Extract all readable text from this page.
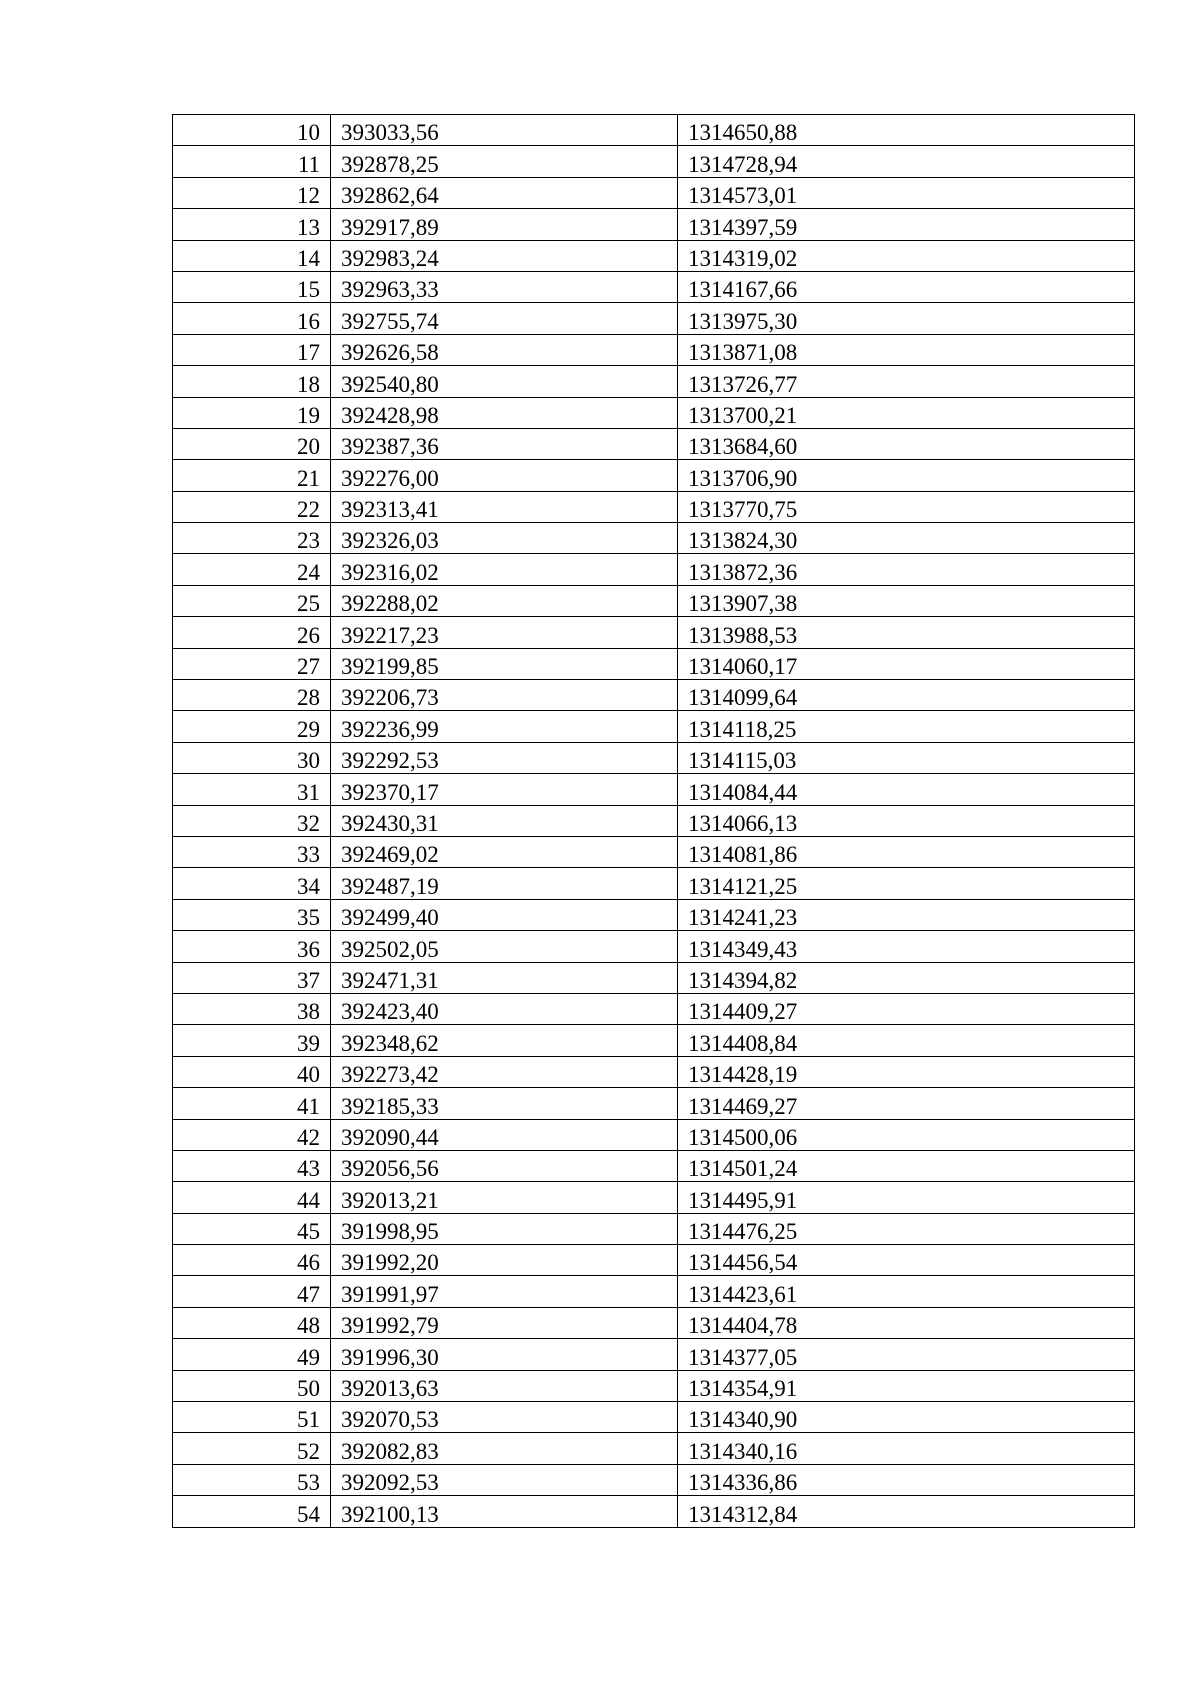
10	393033,56	1314650,88
11	392878,25	1314728,94
12	392862,64	1314573,01
13	392917,89	1314397,59
14	392983,24	1314319,02
15	392963,33	1314167,66
16	392755,74	1313975,30
17	392626,58	1313871,08
18	392540,80	1313726,77
19	392428,98	1313700,21
20	392387,36	1313684,60
21	392276,00	1313706,90
22	392313,41	1313770,75
23	392326,03	1313824,30
24	392316,02	1313872,36
25	392288,02	1313907,38
26	392217,23	1313988,53
27	392199,85	1314060,17
28	392206,73	1314099,64
29	392236,99	1314118,25
30	392292,53	1314115,03
31	392370,17	1314084,44
32	392430,31	1314066,13
33	392469,02	1314081,86
34	392487,19	1314121,25
35	392499,40	1314241,23
36	392502,05	1314349,43
37	392471,31	1314394,82
38	392423,40	1314409,27
39	392348,62	1314408,84
40	392273,42	1314428,19
41	392185,33	1314469,27
42	392090,44	1314500,06
43	392056,56	1314501,24
44	392013,21	1314495,91
45	391998,95	1314476,25
46	391992,20	1314456,54
47	391991,97	1314423,61
48	391992,79	1314404,78
49	391996,30	1314377,05
50	392013,63	1314354,91
51	392070,53	1314340,90
52	392082,83	1314340,16
53	392092,53	1314336,86
54	392100,13	1314312,84
